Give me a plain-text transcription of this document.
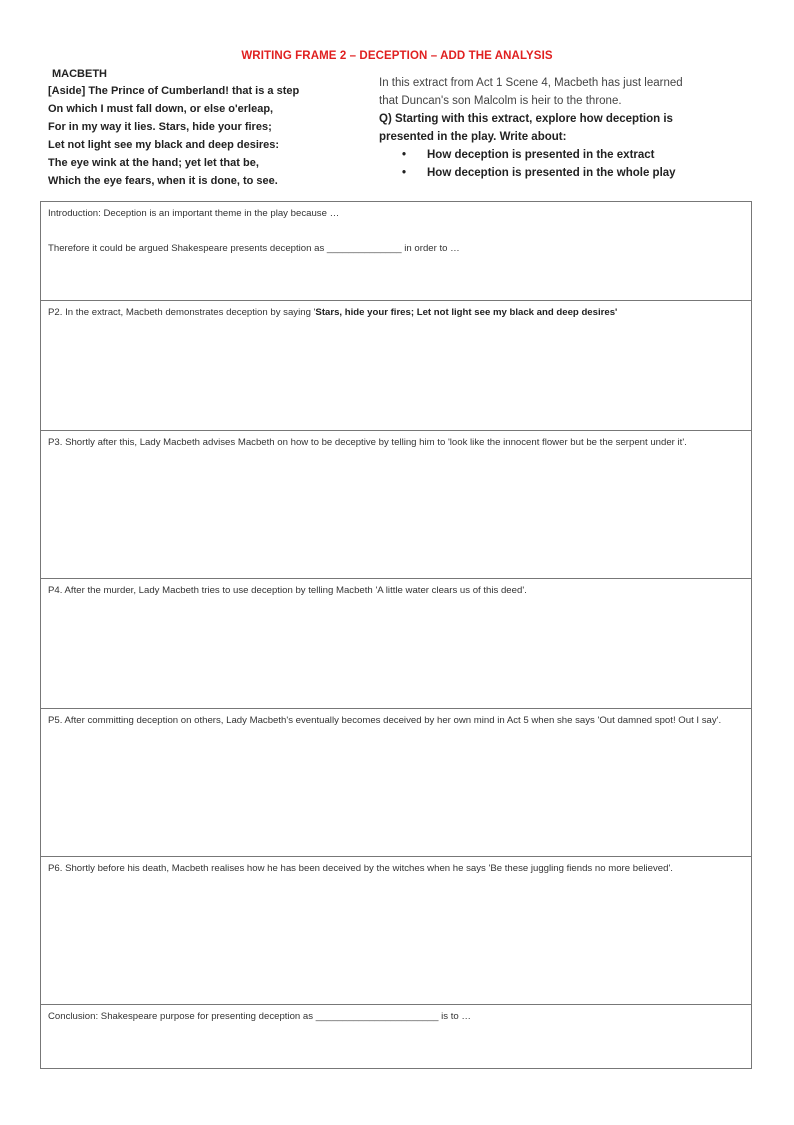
WRITING FRAME 2 – DECEPTION – ADD THE ANALYSIS
MACBETH
[Aside] The Prince of Cumberland! that is a step
On which I must fall down, or else o'erleap,
For in my way it lies. Stars, hide your fires;
Let not light see my black and deep desires:
The eye wink at the hand; yet let that be,
Which the eye fears, when it is done, to see.
In this extract from Act 1 Scene 4, Macbeth has just learned
that Duncan's son Malcolm is heir to the throne.
Q) Starting with this extract, explore how deception is
presented in the play. Write about:
• How deception is presented in the extract
• How deception is presented in the whole play
Introduction: Deception is an important theme in the play because …
Therefore it could be argued Shakespeare presents deception as ______________ in order to …
P2. In the extract, Macbeth demonstrates deception by saying 'Stars, hide your fires; Let not light see my black and deep desires'
P3. Shortly after this, Lady Macbeth advises Macbeth on how to be deceptive by telling him to 'look like the innocent flower but be the serpent under it'.
P4. After the murder, Lady Macbeth tries to use deception by telling Macbeth 'A little water clears us of this deed'.
P5. After committing deception on others, Lady Macbeth's eventually becomes deceived by her own mind in Act 5 when she says 'Out damned spot! Out I say'.
P6. Shortly before his death, Macbeth realises how he has been deceived by the witches when he says 'Be these juggling fiends no more believed'.
Conclusion: Shakespeare purpose for presenting deception as _______________________ is to …
